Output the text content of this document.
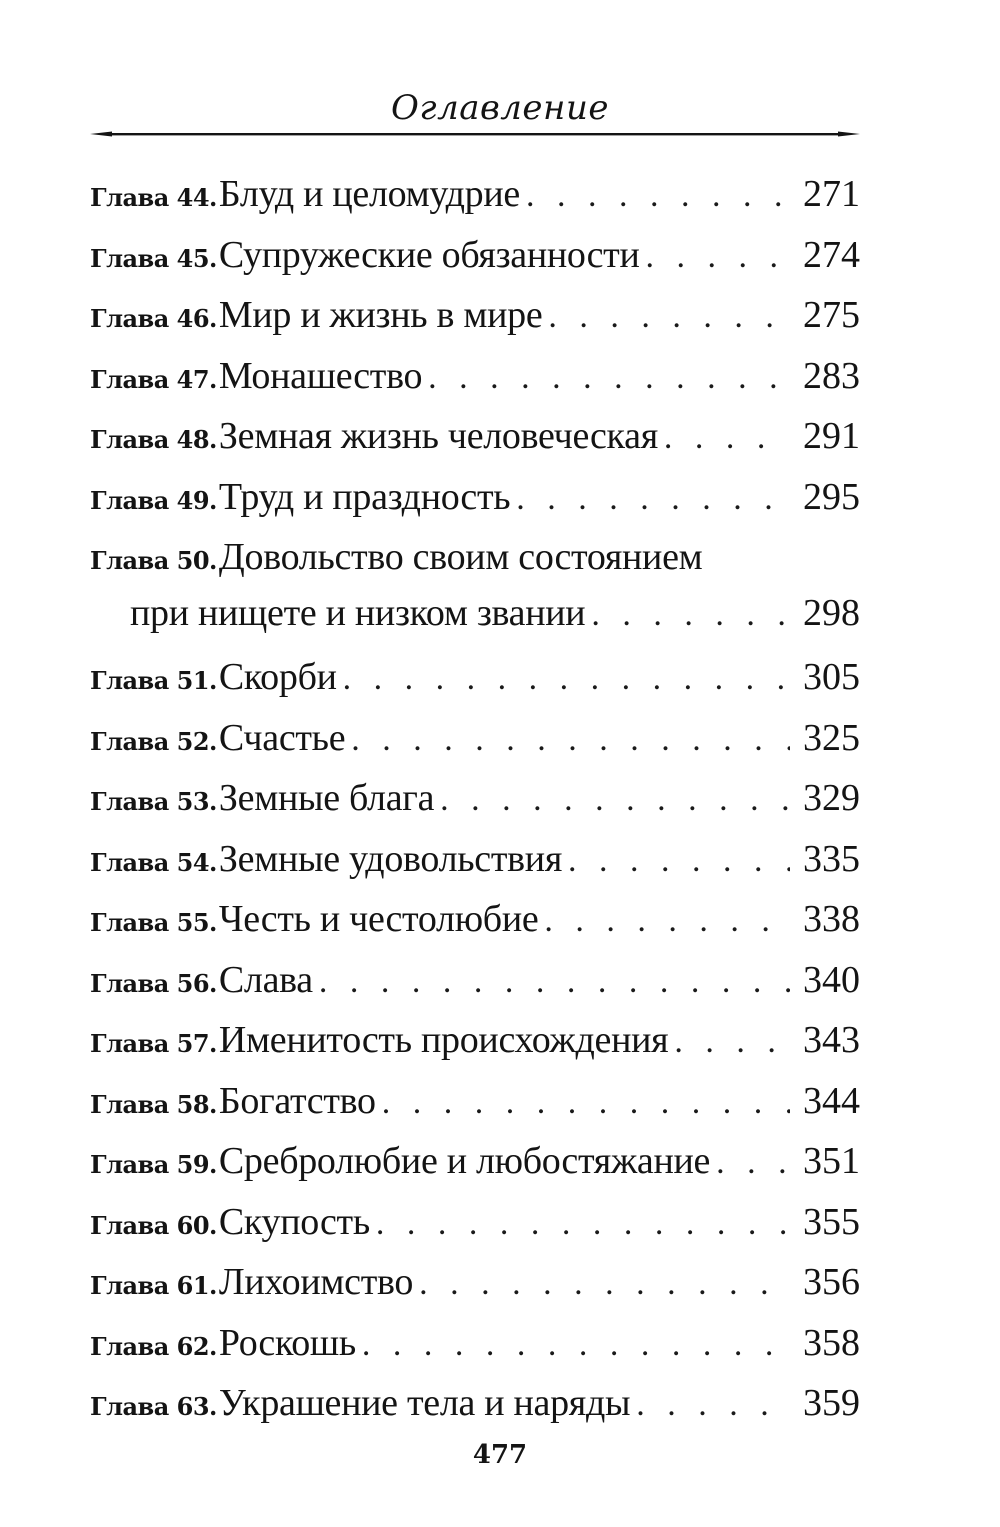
Оглавление
Глава 44. Блуд и целомудрие . . .	271
Глава 45. Супружеские обязанности . . .	274
Глава 46. Мир и жизнь в мире . . .	275
Глава 47. Монашество . . .	283
Глава 48. Земная жизнь человеческая . . .	291
Глава 49. Труд и праздность . . .	295
Глава 50. Довольство своим состоянием
при нищете и низком звании . . .	298
Глава 51. Скорби . . .	305
Глава 52. Счастье . . .	325
Глава 53. Земные блага . . .	329
Глава 54. Земные удовольствия . . .	335
Глава 55. Честь и честолюбие . . .	338
Глава 56. Слава . . .	340
Глава 57. Именитость происхождения . . .	343
Глава 58. Богатство . . .	344
Глава 59. Сребролюбие и любостяжание . . . 351
Глава 60. Скупость . . .	355
Глава 61. Лихоимство . . .	356
Глава 62. Роскошь . . .	358
Глава 63. Украшение тела и наряды . . .	359
477
